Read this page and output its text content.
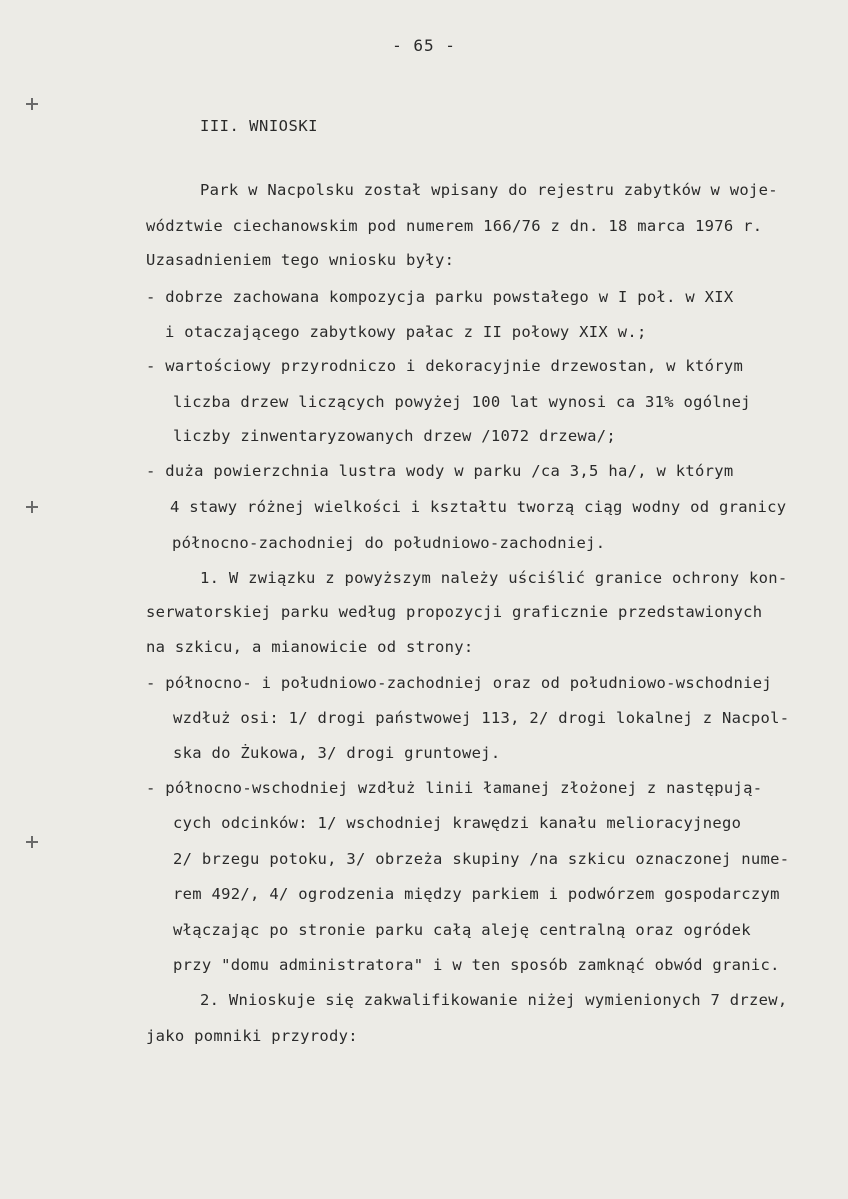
- 65 -
III. WNIOSKI
Park w Nacpolsku został wpisany do rejestru zabytków w woje-
wództwie ciechanowskim pod numerem 166/76 z dn. 18 marca 1976 r.
Uzasadnieniem tego wniosku były:
- dobrze zachowana kompozycja parku powstałego w I poł. w XIX
i otaczającego zabytkowy pałac z II połowy XIX w.;
- wartościowy przyrodniczo i dekoracyjnie drzewostan, w którym
liczba drzew liczących powyżej 100 lat wynosi ca 31% ogólnej
liczby zinwentaryzowanych drzew /1072 drzewa/;
- duża powierzchnia lustra wody w parku /ca 3,5 ha/, w którym
4 stawy różnej wielkości i kształtu tworzą ciąg wodny od granicy
północno-zachodniej do południowo-zachodniej.
1. W związku z powyższym należy uściślić granice ochrony kon-
serwatorskiej parku według propozycji graficznie przedstawionych
na szkicu, a mianowicie od strony:
- północno- i południowo-zachodniej oraz od południowo-wschodniej
wzdłuż osi: 1/ drogi państwowej 113, 2/ drogi lokalnej z Nacpol-
ska do Żukowa, 3/ drogi gruntowej.
- północno-wschodniej wzdłuż linii łamanej złożonej z następują-
cych odcinków: 1/ wschodniej krawędzi kanału melioracyjnego
2/ brzegu potoku, 3/ obrzeża skupiny /na szkicu oznaczonej nume-
rem 492/, 4/ ogrodzenia między parkiem i podwórzem gospodarczym
włączając po stronie parku całą aleję centralną oraz ogródek
przy "domu administratora" i w ten sposób zamknąć obwód granic.
2. Wnioskuje się zakwalifikowanie niżej wymienionych 7 drzew,
jako pomniki przyrody:
